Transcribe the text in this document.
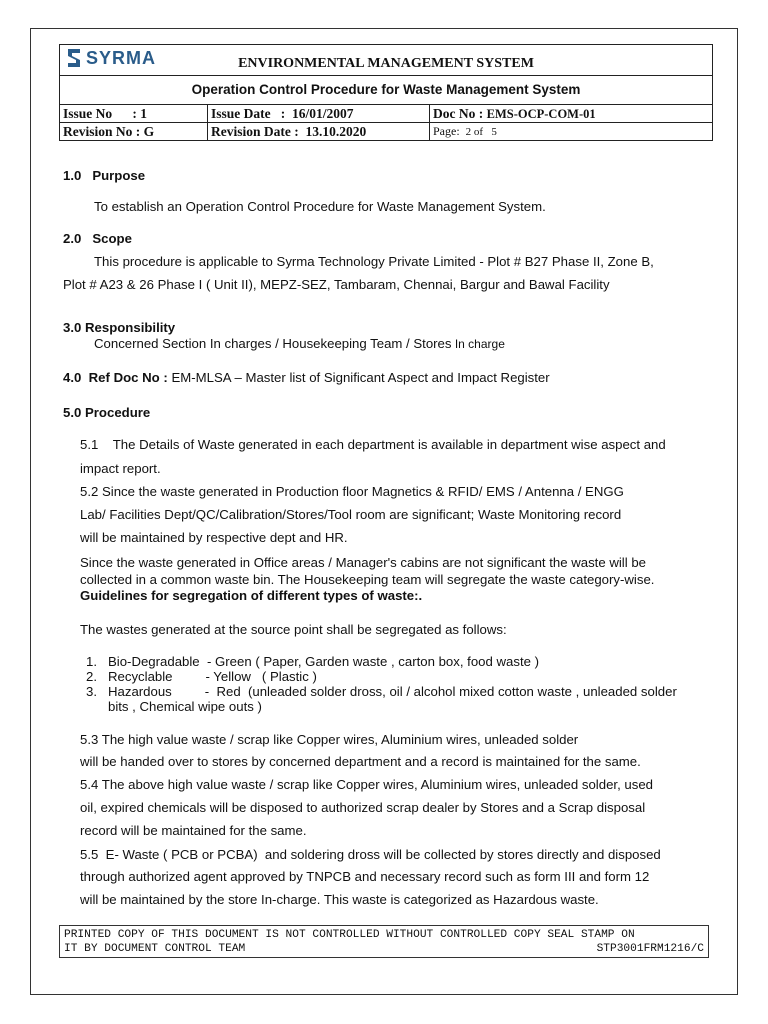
SYRMA	ENVIRONMENTAL MANAGEMENT SYSTEM
Operation Control Procedure for Waste Management System
Issue No      : 1	Issue Date   :  16/01/2007	Doc No : EMS-OCP-COM-01
Revision No : G	Revision Date :  13.10.2020	Page: 2 of   5
1.0   Purpose
To establish an Operation Control Procedure for Waste Management System.
2.0   Scope
This procedure is applicable to Syrma Technology Private Limited - Plot # B27 Phase II, Zone B,
Plot # A23 & 26 Phase I ( Unit II), MEPZ-SEZ, Tambaram, Chennai, Bargur and Bawal Facility
3.0 Responsibility
Concerned Section In charges / Housekeeping Team / Stores In charge
4.0  Ref Doc No : EM-MLSA – Master list of Significant Aspect and Impact Register
5.0 Procedure
5.1    The Details of Waste generated in each department is available in department wise aspect and
impact report.
5.2 Since the waste generated in Production floor Magnetics & RFID/ EMS / Antenna / ENGG
Lab/ Facilities Dept/QC/Calibration/Stores/Tool room are significant; Waste Monitoring record
will be maintained by respective dept and HR.
Since the waste generated in Office areas / Manager's cabins are not significant the waste will be
collected in a common waste bin. The Housekeeping team will segregate the waste category-wise.
Guidelines for segregation of different types of waste:.
The wastes generated at the source point shall be segregated as follows:
1. Bio-Degradable  - Green ( Paper, Garden waste , carton box, food waste )
2. Recyclable         - Yellow   ( Plastic )
3. Hazardous         -  Red  (unleaded solder dross, oil / alcohol mixed cotton waste , unleaded solder
bits , Chemical wipe outs )
5.3 The high value waste / scrap like Copper wires, Aluminium wires, unleaded solder
will be handed over to stores by concerned department and a record is maintained for the same.
5.4 The above high value waste / scrap like Copper wires, Aluminium wires, unleaded solder, used
oil, expired chemicals will be disposed to authorized scrap dealer by Stores and a Scrap disposal
record will be maintained for the same.
5.5  E- Waste ( PCB or PCBA)  and soldering dross will be collected by stores directly and disposed
through authorized agent approved by TNPCB and necessary record such as form III and form 12
will be maintained by the store In-charge. This waste is categorized as Hazardous waste.
PRINTED COPY OF THIS DOCUMENT IS NOT CONTROLLED WITHOUT CONTROLLED COPY SEAL STAMP ON
IT BY DOCUMENT CONTROL TEAM	STP3001FRM1216/C
